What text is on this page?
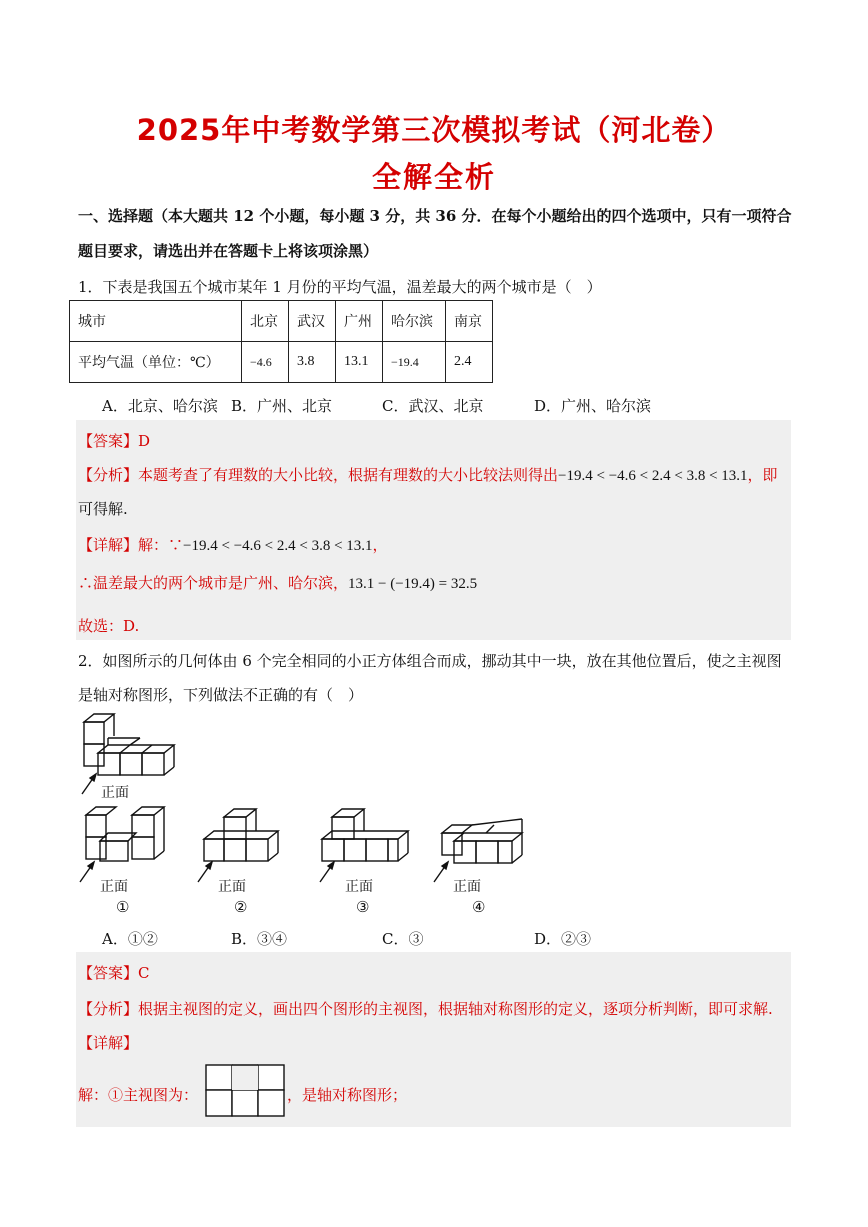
2025年中考数学第三次模拟考试（河北卷）
全解全析
一、选择题（本大题共 12 个小题，每小题 3 分，共 36 分．在每个小题给出的四个选项中，只有一项符合
题目要求，请选出并在答题卡上将该项涂黑）
1．下表是我国五个城市某年 1 月份的平均气温，温差最大的两个城市是（　）
城市	北京	武汉	广州	哈尔滨	南京
平均气温（单位：℃）	−4.6	3.8	13.1	−19.4	2.4
A．北京、哈尔滨 B．广州、北京	C．武汉、北京	D．广州、哈尔滨
【答案】D
【分析】本题考查了有理数的大小比较，根据有理数的大小比较法则得出−19.4 < −4.6 < 2.4 < 3.8 < 13.1，即
可得解.
【详解】解：∵−19.4 < −4.6 < 2.4 < 3.8 < 13.1，
∴温差最大的两个城市是广州、哈尔滨，13.1 − (−19.4) = 32.5
故选：D.
2．如图所示的几何体由 6 个完全相同的小正方体组合而成，挪动其中一块，放在其他位置后，使之主视图
是轴对称图形，下列做法不正确的有（　）
正面
正面
①
正面
②
正面
③
正面
④
A．①②	B．③④	C．③	D．②③
【答案】C
【分析】根据主视图的定义，画出四个图形的主视图，根据轴对称图形的定义，逐项分析判断，即可求解.
【详解】
解：①主视图为：	，是轴对称图形；
